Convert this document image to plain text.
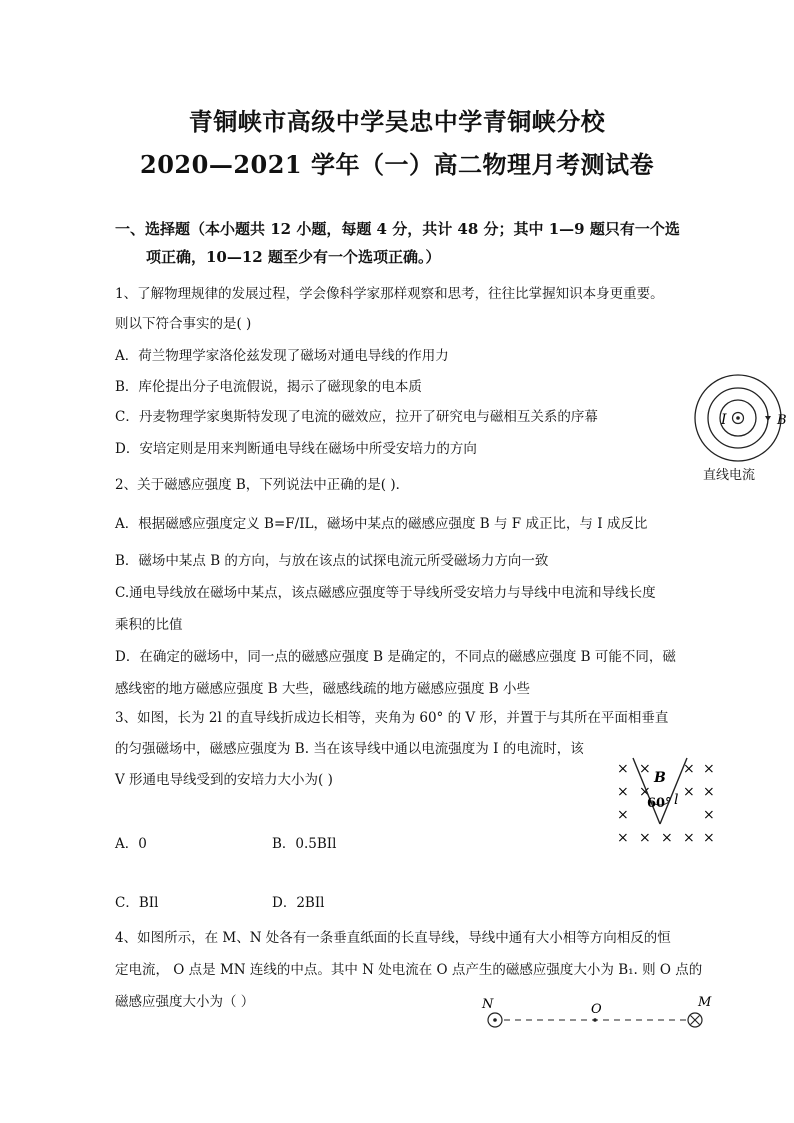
青铜峡市高级中学吴忠中学青铜峡分校
2020—2021 学年（一）高二物理月考测试卷
一、选择题（本小题共 12 小题，每题 4 分，共计 48 分；其中 1—9 题只有一个选
项正确，10—12 题至少有一个选项正确。）
1、了解物理规律的发展过程，学会像科学家那样观察和思考，往往比掌握知识本身更重要。
则以下符合事实的是( )
A．荷兰物理学家洛伦兹发现了磁场对通电导线的作用力
B．库伦提出分子电流假说，揭示了磁现象的电本质
C．丹麦物理学家奥斯特发现了电流的磁效应，拉开了研究电与磁相互关系的序幕
D．安培定则是用来判断通电导线在磁场中所受安培力的方向
I	B
直线电流
2、关于磁感应强度 B，下列说法中正确的是( )．
A．根据磁感应强度定义 B=F/IL，磁场中某点的磁感应强度 B 与 F 成正比，与 I 成反比
B．磁场中某点 B 的方向，与放在该点的试探电流元所受磁场力方向一致
C.通电导线放在磁场中某点，该点磁感应强度等于导线所受安培力与导线中电流和导线长度
乘积的比值
D．在确定的磁场中，同一点的磁感应强度 B 是确定的，不同点的磁感应强度 B 可能不同，磁
感线密的地方磁感应强度 B 大些，磁感线疏的地方磁感应强度 B 小些
3、如图，长为 2l 的直导线折成边长相等，夹角为 60° 的 V 形，并置于与其所在平面相垂直
的匀强磁场中，磁感应强度为 B. 当在该导线中通以电流强度为 I 的电流时，该
V 形通电导线受到的安培力大小为( )
A．0	B．0.5BIl
C．BIl	D．2BIl
× × × ×
× × × ×
×	×
× × × × ×
B
60° l
4、如图所示，在 M、N 处各有一条垂直纸面的长直导线，导线中通有大小相等方向相反的恒
定电流， O 点是 MN 连线的中点。其中 N 处电流在 O 点产生的磁感应强度大小为 B₁. 则 O 点的
磁感应强度大小为（ ）	N	O	M
